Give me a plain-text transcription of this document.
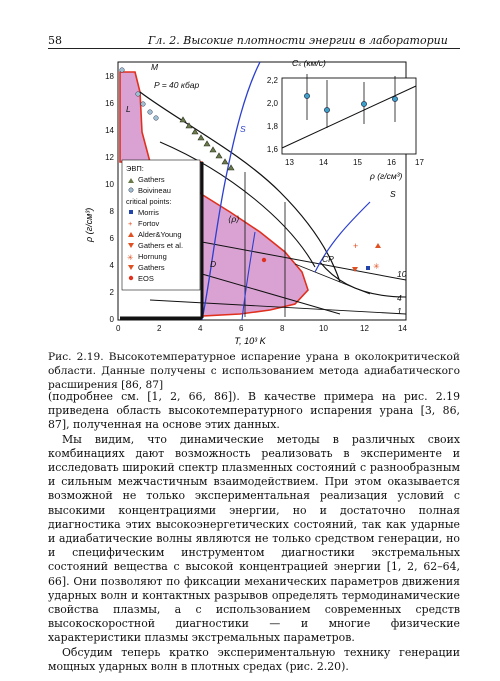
58	Гл. 2. Высокие плотности энергии в лаборатории
+
✳
0	2	4	6	8	10	12	14
0
2
4
6
8
10
12
14
16
18
T, 10³ K
ρ (г/см³)
M
P = 40 кбар
L
S
D
⟨ρ⟩
CP
10
4
1
ЭВП:
Gathers
Boivineau
critical points:
Morris
+ Fortov
Alder&Young
Gathers et al.
✳ Hornung
Gathers
EOS
13	14	15	16 17
1,6
1,8
2,0
2,2
Cₛ (км/с)
ρ (г/см³)
S
Рис. 2.19. Высокотемпературное испарение урана в околокритической области. Данные получены с использованием метода адиабатического расширения [86, 87]

(подробнее см. [1, 2, 66, 86]). В качестве примера на рис. 2.19 приведена область высокотемпературного испарения урана [3, 86, 87], полученная на основе этих данных.

Мы видим, что динамические методы в различных своих комбинациях дают возможность реализовать в эксперименте и исследовать широкий спектр плазменных состояний с разнообразным и сильным межчастичным взаимодействием. При этом оказывается возможной не только экспериментальная реализация условий с высокими концентрациями энергии, но и достаточно полная диагностика этих высокоэнергетических состояний, так как ударные и адиабатические волны являются не только средством генерации, но и специфическим инструментом диагностики экстремальных состояний вещества с высокой концентрацией энергии [1, 2, 62–64, 66]. Они позволяют по фиксации механических параметров движения ударных волн и контактных разрывов определять термодинамические свойства плазмы, а с использованием современных средств высокоскоростной диагностики — и многие физические характеристики плазмы экстремальных параметров.

Обсудим теперь кратко экспериментальную технику генерации мощных ударных волн в плотных средах (рис. 2.20).
